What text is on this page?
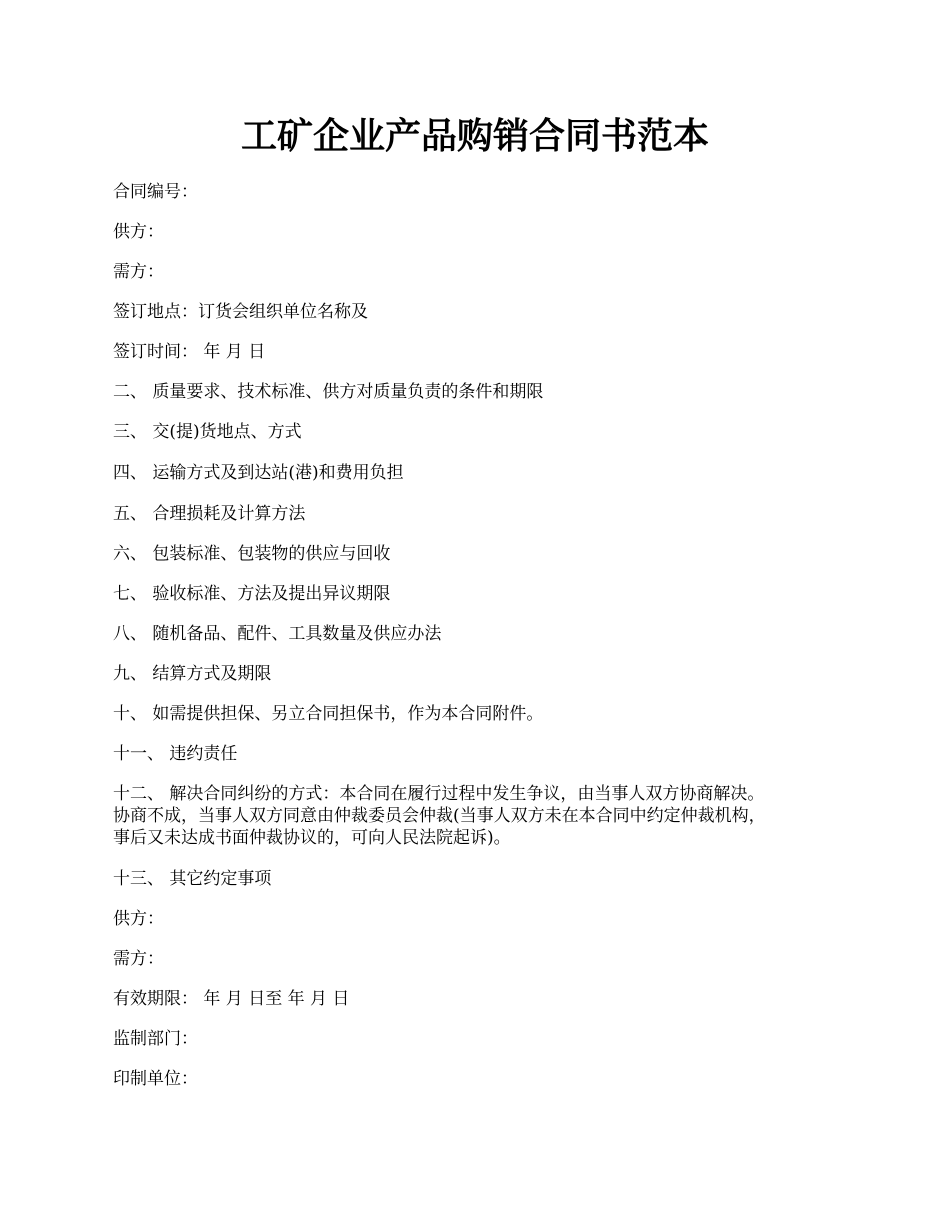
工矿企业产品购销合同书范本
合同编号：
供方：
需方：
签订地点：订货会组织单位名称及
签订时间： 年 月 日
二、 质量要求、技术标准、供方对质量负责的条件和期限
三、 交(提)货地点、方式
四、 运输方式及到达站(港)和费用负担
五、 合理损耗及计算方法
六、 包装标准、包装物的供应与回收
七、 验收标准、方法及提出异议期限
八、 随机备品、配件、工具数量及供应办法
九、 结算方式及期限
十、 如需提供担保、另立合同担保书，作为本合同附件。
十一、 违约责任
十二、 解决合同纠纷的方式：本合同在履行过程中发生争议，由当事人双方协商解决。
协商不成，当事人双方同意由仲裁委员会仲裁(当事人双方未在本合同中约定仲裁机构，
事后又未达成书面仲裁协议的，可向人民法院起诉)。
十三、 其它约定事项
供方：
需方：
有效期限： 年 月 日至 年 月 日
监制部门：
印制单位：
